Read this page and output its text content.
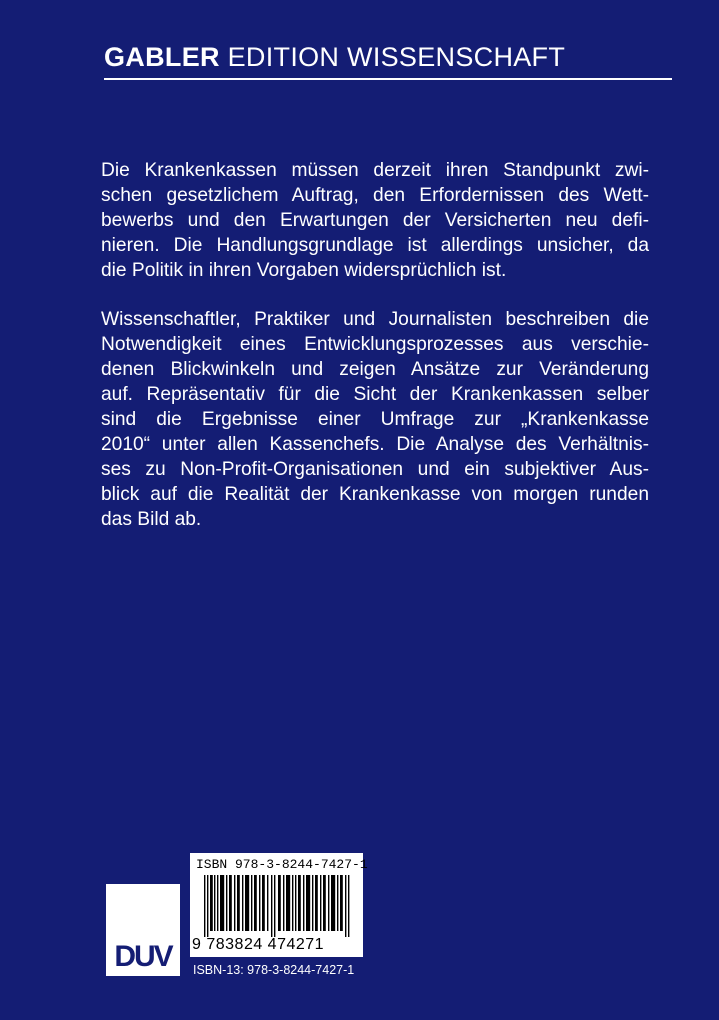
GABLER EDITION WISSENSCHAFT

Die Krankenkassen müssen derzeit ihren Standpunkt zwi-
schen gesetzlichem Auftrag, den Erfordernissen des Wett-
bewerbs und den Erwartungen der Versicherten neu defi-
nieren. Die Handlungsgrundlage ist allerdings unsicher, da
die Politik in ihren Vorgaben widersprüchlich ist.

Wissenschaftler, Praktiker und Journalisten beschreiben die
Notwendigkeit eines Entwicklungsprozesses aus verschie-
denen Blickwinkeln und zeigen Ansätze zur Veränderung
auf. Repräsentativ für die Sicht der Krankenkassen selber
sind die Ergebnisse einer Umfrage zur „Krankenkasse
2010“ unter allen Kassenchefs. Die Analyse des Verhältnis-
ses zu Non-Profit-Organisationen und ein subjektiver Aus-
blick auf die Realität der Krankenkasse von morgen runden
das Bild ab.

DUV
ISBN 978-3-8244-7427-1
9 783824 474271
ISBN-13: 978-3-8244-7427-1
